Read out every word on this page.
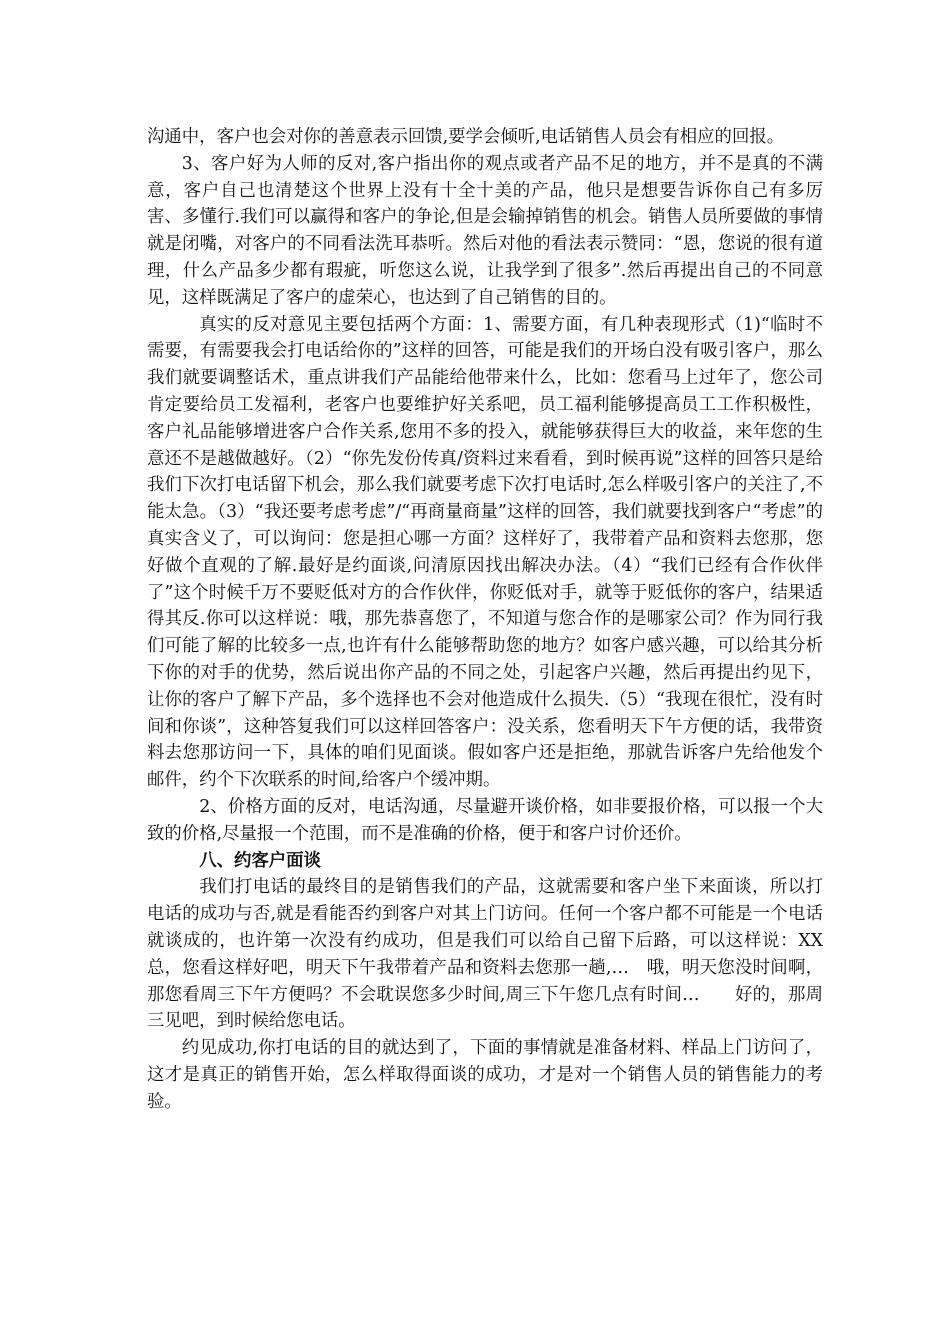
沟通中，客户也会对你的善意表示回馈,要学会倾听,电话销售人员会有相应的回报。

3、客户好为人师的反对,客户指出你的观点或者产品不足的地方，并不是真的不满意，客户自己也清楚这个世界上没有十全十美的产品，他只是想要告诉你自己有多厉害、多懂行.我们可以赢得和客户的争论,但是会输掉销售的机会。销售人员所要做的事情就是闭嘴，对客户的不同看法洗耳恭听。然后对他的看法表示赞同：“恩，您说的很有道理，什么产品多少都有瑕疵，听您这么说，让我学到了很多”.然后再提出自己的不同意见，这样既满足了客户的虚荣心，也达到了自己销售的目的。

真实的反对意见主要包括两个方面：1、需要方面，有几种表现形式（1)“临时不需要，有需要我会打电话给你的”这样的回答，可能是我们的开场白没有吸引客户，那么我们就要调整话术，重点讲我们产品能给他带来什么，比如：您看马上过年了，您公司肯定要给员工发福利，老客户也要维护好关系吧，员工福利能够提高员工工作积极性，客户礼品能够增进客户合作关系,您用不多的投入，就能够获得巨大的收益，来年您的生意还不是越做越好。（2）“你先发份传真/资料过来看看，到时候再说”这样的回答只是给我们下次打电话留下机会，那么我们就要考虑下次打电话时,怎么样吸引客户的关注了,不能太急。（3）“我还要考虑考虑”/“再商量商量”这样的回答，我们就要找到客户“考虑”的真实含义了，可以询问：您是担心哪一方面？这样好了，我带着产品和资料去您那，您好做个直观的了解.最好是约面谈,问清原因找出解决办法。（4）“我们已经有合作伙伴了”这个时候千万不要贬低对方的合作伙伴，你贬低对手，就等于贬低你的客户，结果适得其反.你可以这样说：哦，那先恭喜您了，不知道与您合作的是哪家公司？作为同行我们可能了解的比较多一点,也许有什么能够帮助您的地方？如客户感兴趣，可以给其分析下你的对手的优势，然后说出你产品的不同之处，引起客户兴趣，然后再提出约见下，让你的客户了解下产品，多个选择也不会对他造成什么损失.（5）“我现在很忙，没有时间和你谈”，这种答复我们可以这样回答客户：没关系，您看明天下午方便的话，我带资料去您那访问一下，具体的咱们见面谈。假如客户还是拒绝，那就告诉客户先给他发个邮件，约个下次联系的时间,给客户个缓冲期。

2、价格方面的反对，电话沟通，尽量避开谈价格，如非要报价格，可以报一个大致的价格,尽量报一个范围，而不是准确的价格，便于和客户讨价还价。

八、约客户面谈

我们打电话的最终目的是销售我们的产品，这就需要和客户坐下来面谈，所以打电话的成功与否,就是看能否约到客户对其上门访问。任何一个客户都不可能是一个电话就谈成的，也许第一次没有约成功，但是我们可以给自己留下后路，可以这样说：XX总，您看这样好吧，明天下午我带着产品和资料去您那一趟,…　哦，明天您没时间啊，那您看周三下午方便吗？不会耽误您多少时间,周三下午您几点有时间…　　好的，那周三见吧，到时候给您电话。

约见成功,你打电话的目的就达到了，下面的事情就是准备材料、样品上门访问了，这才是真正的销售开始，怎么样取得面谈的成功，才是对一个销售人员的销售能力的考验。
